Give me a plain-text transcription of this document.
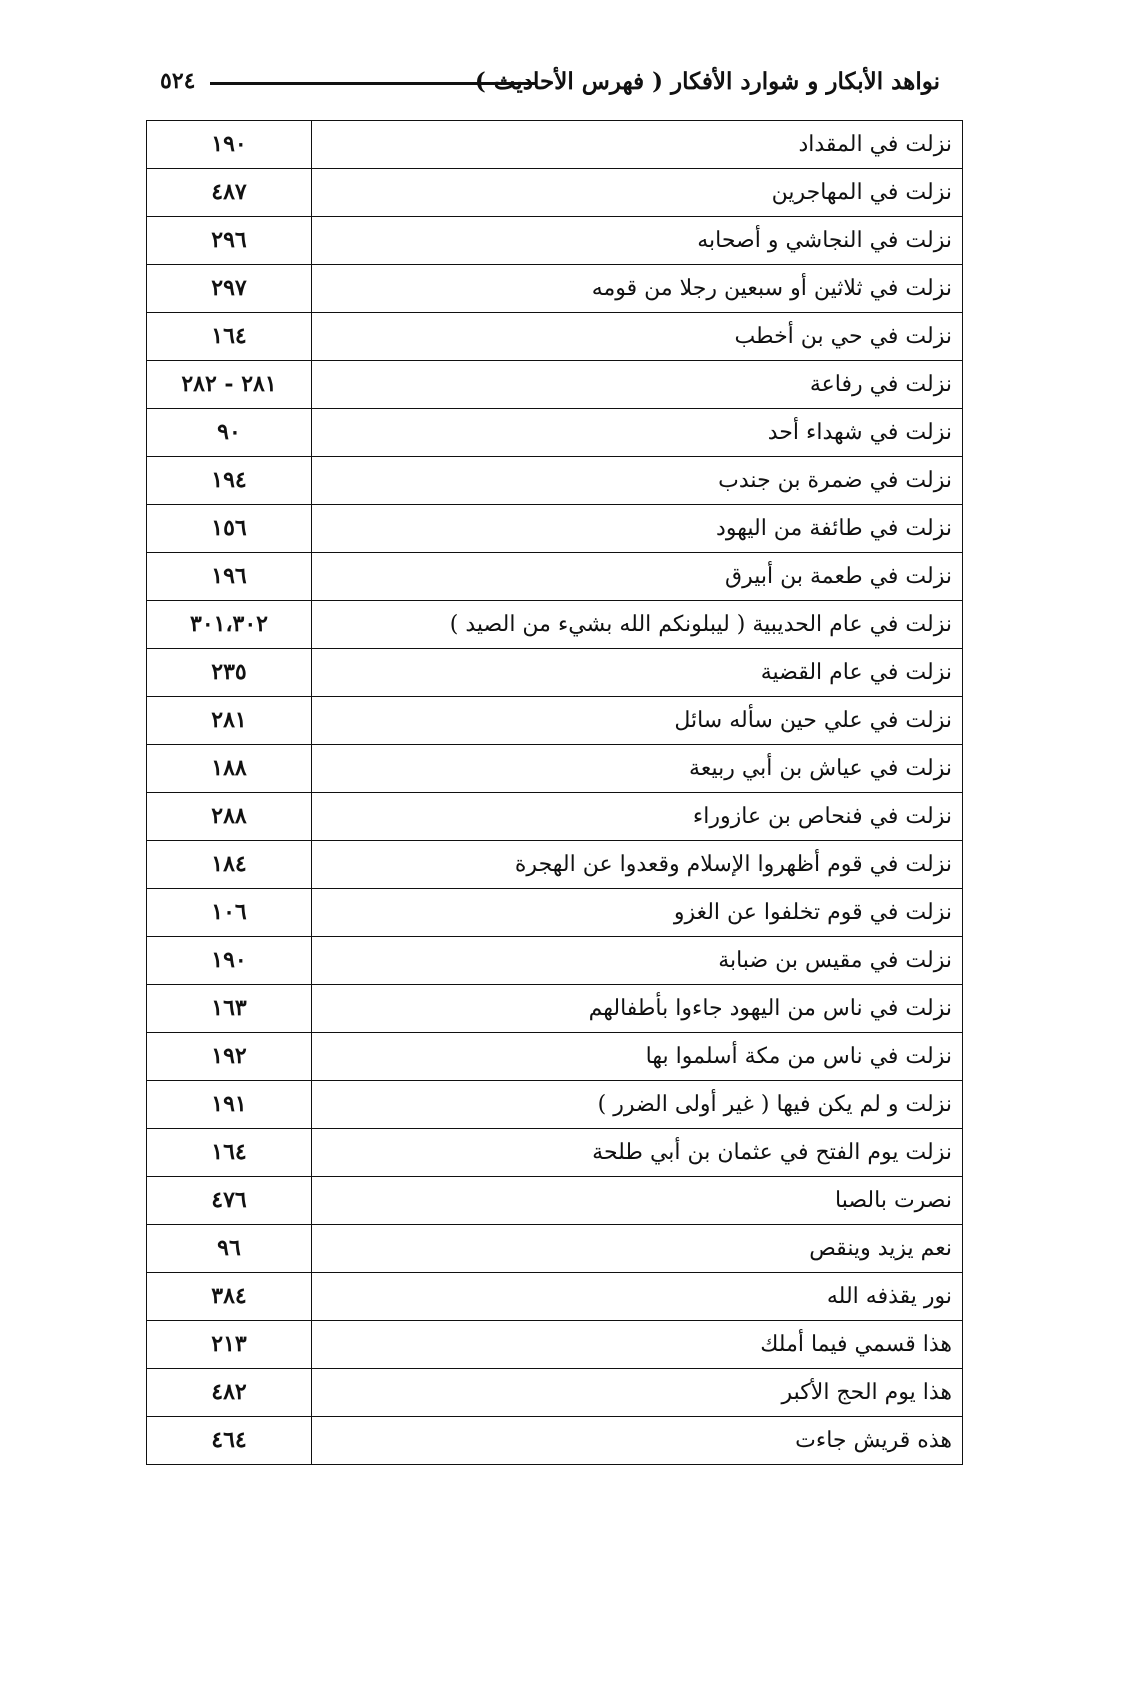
نواهد الأبكار و شوارد الأفكار ( فهرس الأحاديث )
٥٢٤
نزلت في المقداد	١٩٠
نزلت في المهاجرين	٤٨٧
نزلت في النجاشي و أصحابه	٢٩٦
نزلت في ثلاثين أو سبعين رجلا من قومه	٢٩٧
نزلت في حي بن أخطب	١٦٤
نزلت في رفاعة	٢٨١ - ٢٨٢
نزلت في شهداء أحد	٩٠
نزلت في ضمرة بن جندب	١٩٤
نزلت في طائفة من اليهود	١٥٦
نزلت في طعمة بن أبيرق	١٩٦
نزلت في عام الحديبية ( ليبلونكم الله بشيء من الصيد )	٣٠١،٣٠٢
نزلت في عام القضية	٢٣٥
نزلت في علي حين سأله سائل	٢٨١
نزلت في عياش بن أبي ربيعة	١٨٨
نزلت في فنحاص بن عازوراء	٢٨٨
نزلت في قوم أظهروا الإسلام وقعدوا عن الهجرة	١٨٤
نزلت في قوم تخلفوا عن الغزو	١٠٦
نزلت في مقيس بن ضبابة	١٩٠
نزلت في ناس من اليهود جاءوا بأطفالهم	١٦٣
نزلت في ناس من مكة أسلموا بها	١٩٢
نزلت و لم يكن فيها ( غير أولى الضرر )	١٩١
نزلت يوم الفتح في عثمان بن أبي طلحة	١٦٤
نصرت بالصبا	٤٧٦
نعم يزيد وينقص	٩٦
نور يقذفه الله	٣٨٤
هذا قسمي فيما أملك	٢١٣
هذا يوم الحج الأكبر	٤٨٢
هذه قريش جاءت	٤٦٤
